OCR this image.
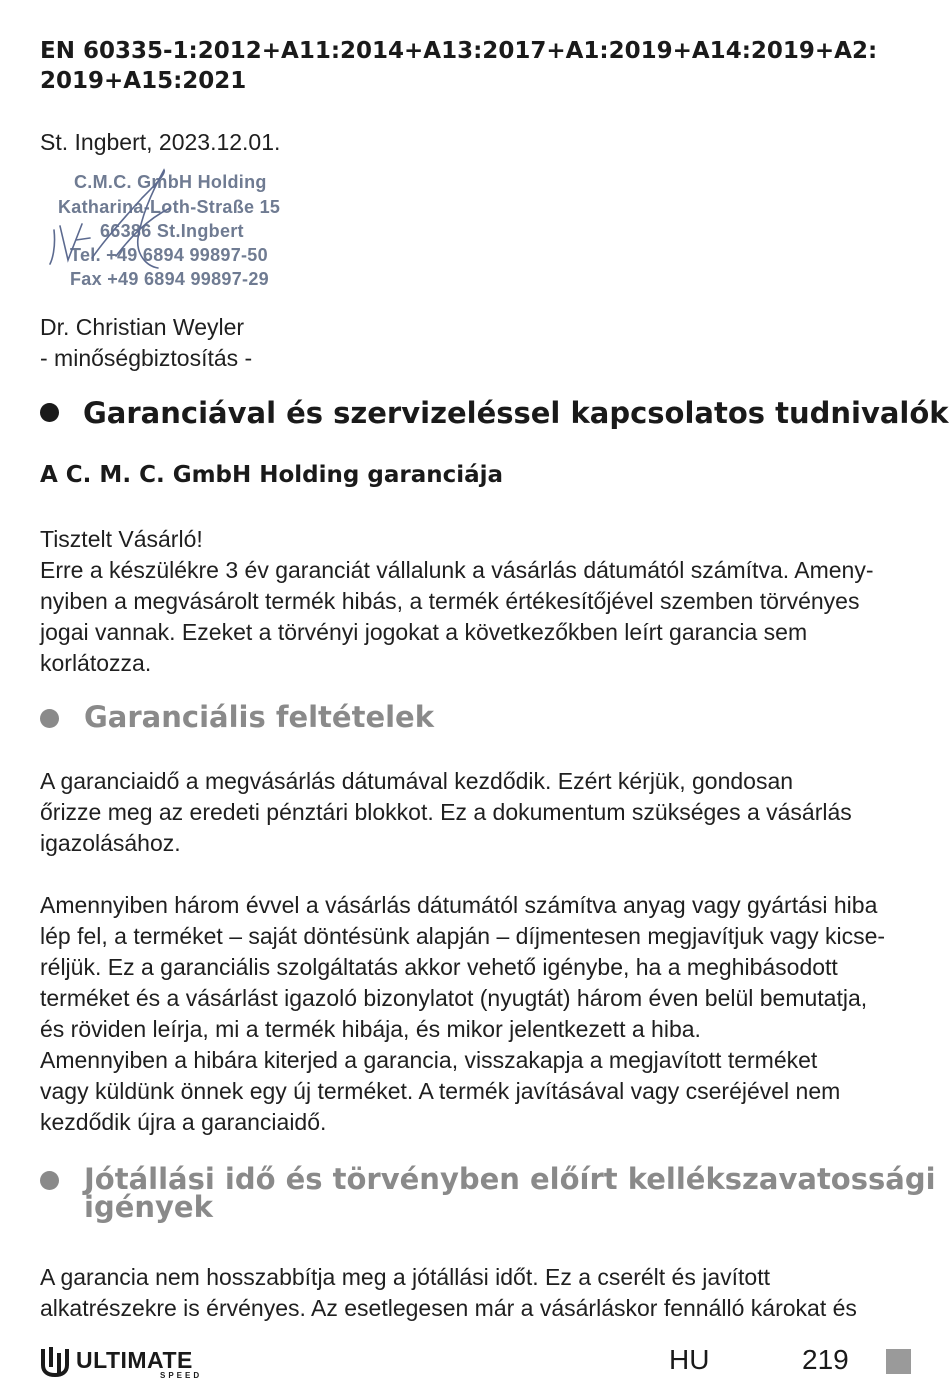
EN 60335-1:2012+A11:2014+A13:2017+A1:2019+A14:2019+A2: 2019+A15:2021
St. Ingbert, 2023.12.01.
C.M.C. GmbH Holding
Katharina-Loth-Straße 15
66386 St.Ingbert
Tel. +49 6894 99897-50
Fax +49 6894 99897-29
Dr. Christian Weyler
- minőségbiztosítás -
Garanciával és szervizeléssel kapcsolatos tudnivalók
A C. M. C. GmbH Holding garanciája
Tisztelt Vásárló!
Erre a készülékre 3 év garanciát vállalunk a vásárlás dátumától számítva. Ameny-
nyiben a megvásárolt termék hibás, a termék értékesítőjével szemben törvényes
jogai vannak. Ezeket a törvényi jogokat a következőkben leírt garancia sem
korlátozza.
Garanciális feltételek
A garanciaidő a megvásárlás dátumával kezdődik. Ezért kérjük, gondosan
őrizze meg az eredeti pénztári blokkot. Ez a dokumentum szükséges a vásárlás
igazolásához.
Amennyiben három évvel a vásárlás dátumától számítva anyag vagy gyártási hiba
lép fel, a terméket – saját döntésünk alapján – díjmentesen megjavítjuk vagy kicse-
réljük. Ez a garanciális szolgáltatás akkor vehető igénybe, ha a meghibásodott
terméket és a vásárlást igazoló bizonylatot (nyugtát) három éven belül bemutatja,
és röviden leírja, mi a termék hibája, és mikor jelentkezett a hiba.
Amennyiben a hibára kiterjed a garancia, visszakapja a megjavított terméket
vagy küldünk önnek egy új terméket. A termék javításával vagy cseréjével nem
kezdődik újra a garanciaidő.
Jótállási idő és törvényben előírt kellékszavatossági
igények
A garancia nem hosszabbítja meg a jótállási időt. Ez a cserélt és javított
alkatrészekre is érvényes. Az esetlegesen már a vásárláskor fennálló károkat és
ULTIMATE
SPEED
HU	219
